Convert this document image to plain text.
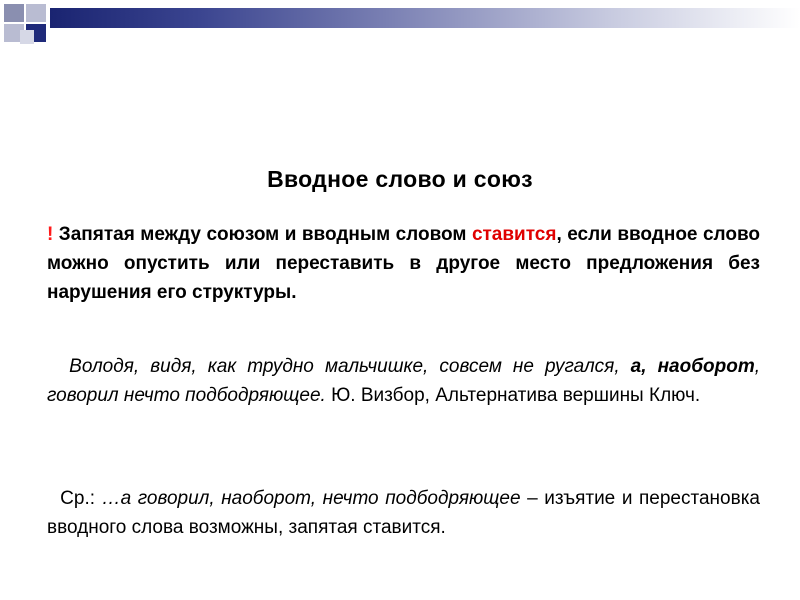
Вводное слово и союз

! Запятая между союзом и вводным словом ставится, если вводное слово можно опустить или переставить в другое место предложения без нарушения его структуры.

Володя, видя, как трудно мальчишке, совсем не ругался, а, наоборот, говорил нечто подбодряющее. Ю. Визбор, Альтернатива вершины Ключ.

Ср.: …а говорил, наоборот, нечто подбодряющее – изъятие и перестановка вводного слова возможны, запятая ставится.
